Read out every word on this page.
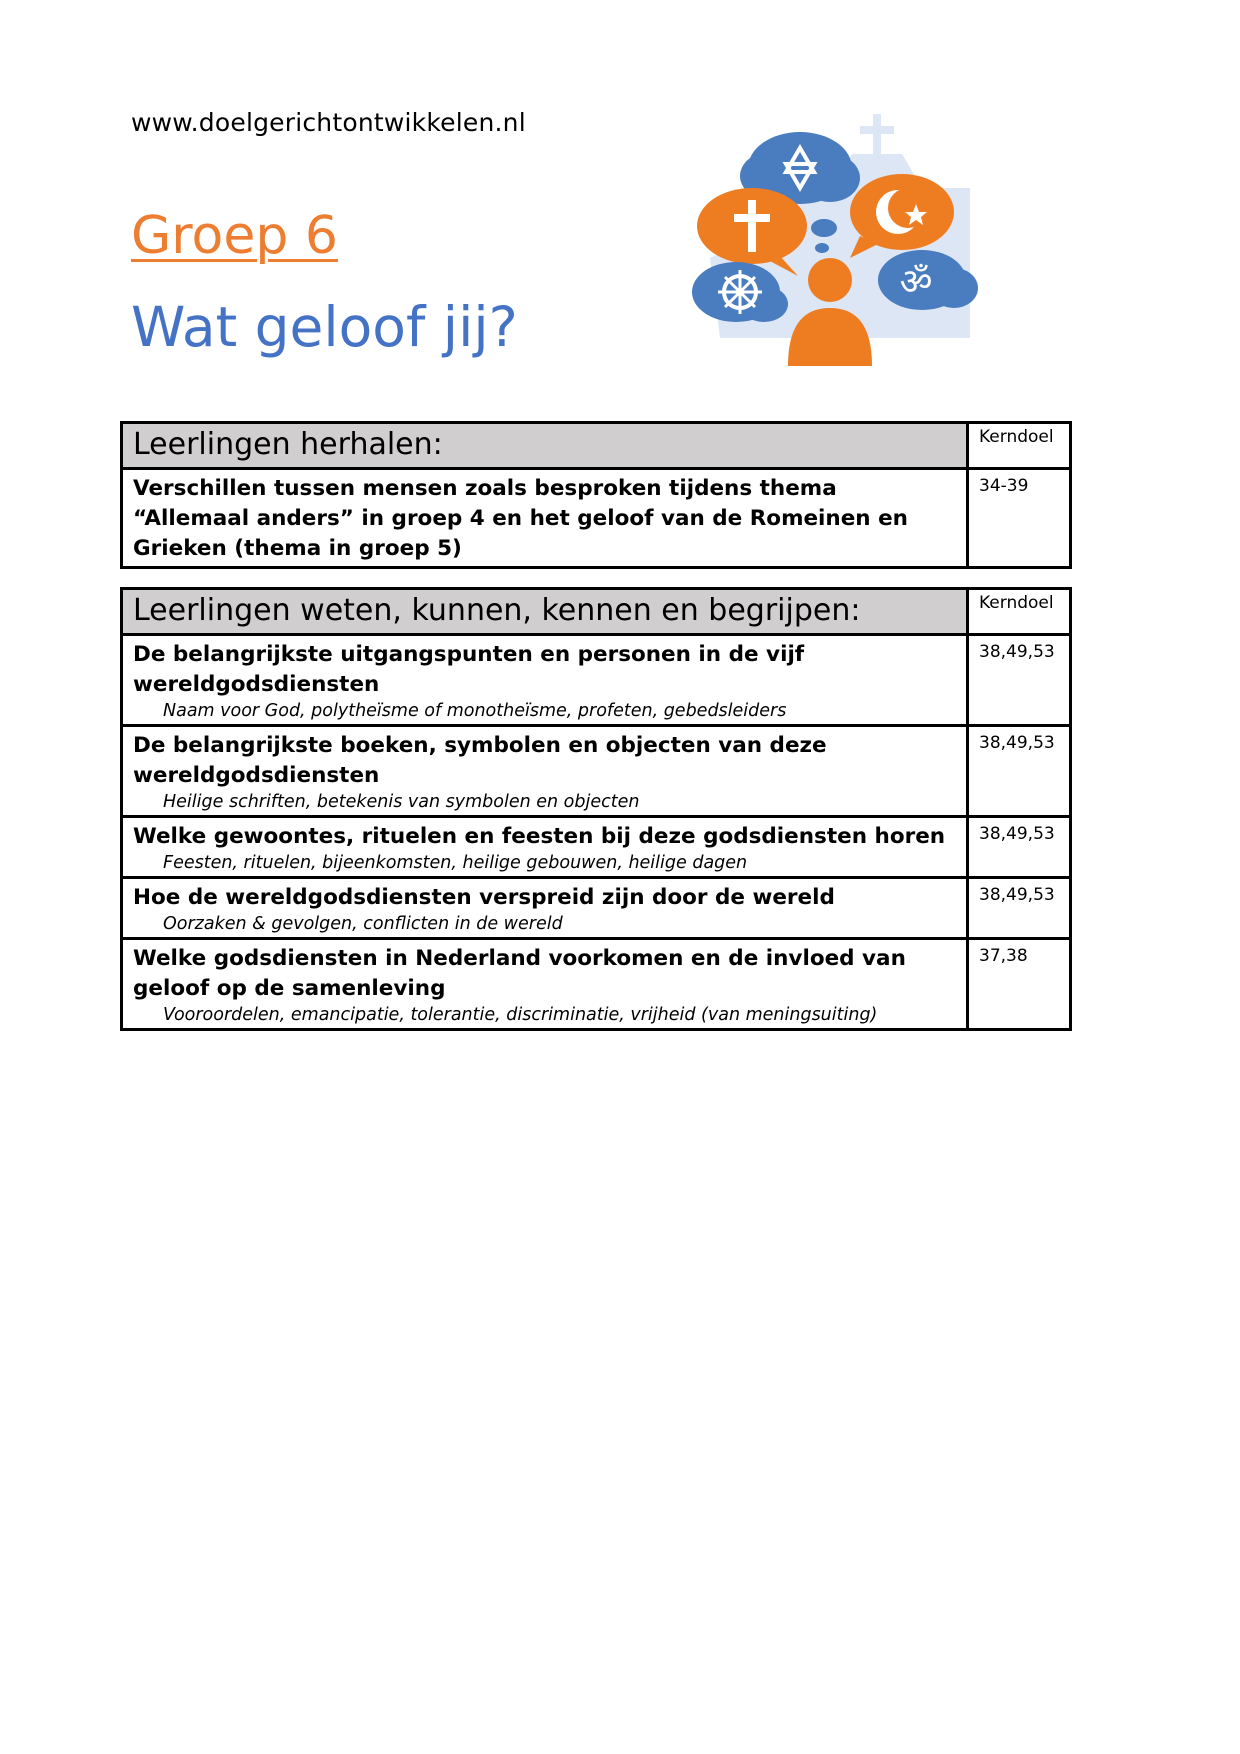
www.doelgerichtontwikkelen.nl
Groep 6
Wat geloof jij?
ॐ
Leerlingen herhalen:	Kerndoel

Verschillen tussen mensen zoals besproken tijdens thema “Allemaal anders” in groep 4 en het geloof van de Romeinen en Grieken (thema in groep 5)	34-39
Leerlingen weten, kunnen, kennen en begrijpen:	Kerndoel

De belangrijkste uitgangspunten en personen in de vijf wereldgodsdiensten
Naam voor God, polytheïsme of monotheïsme, profeten, gebedsleiders	38,49,53

De belangrijkste boeken, symbolen en objecten van deze wereldgodsdiensten
Heilige schriften, betekenis van symbolen en objecten	38,49,53

Welke gewoontes, rituelen en feesten bij deze godsdiensten horen
Feesten, rituelen, bijeenkomsten, heilige gebouwen, heilige dagen	38,49,53

Hoe de wereldgodsdiensten verspreid zijn door de wereld
Oorzaken & gevolgen, conflicten in de wereld	38,49,53

Welke godsdiensten in Nederland voorkomen en de invloed van geloof op de samenleving
Vooroordelen, emancipatie, tolerantie, discriminatie, vrijheid (van meningsuiting)	37,38
